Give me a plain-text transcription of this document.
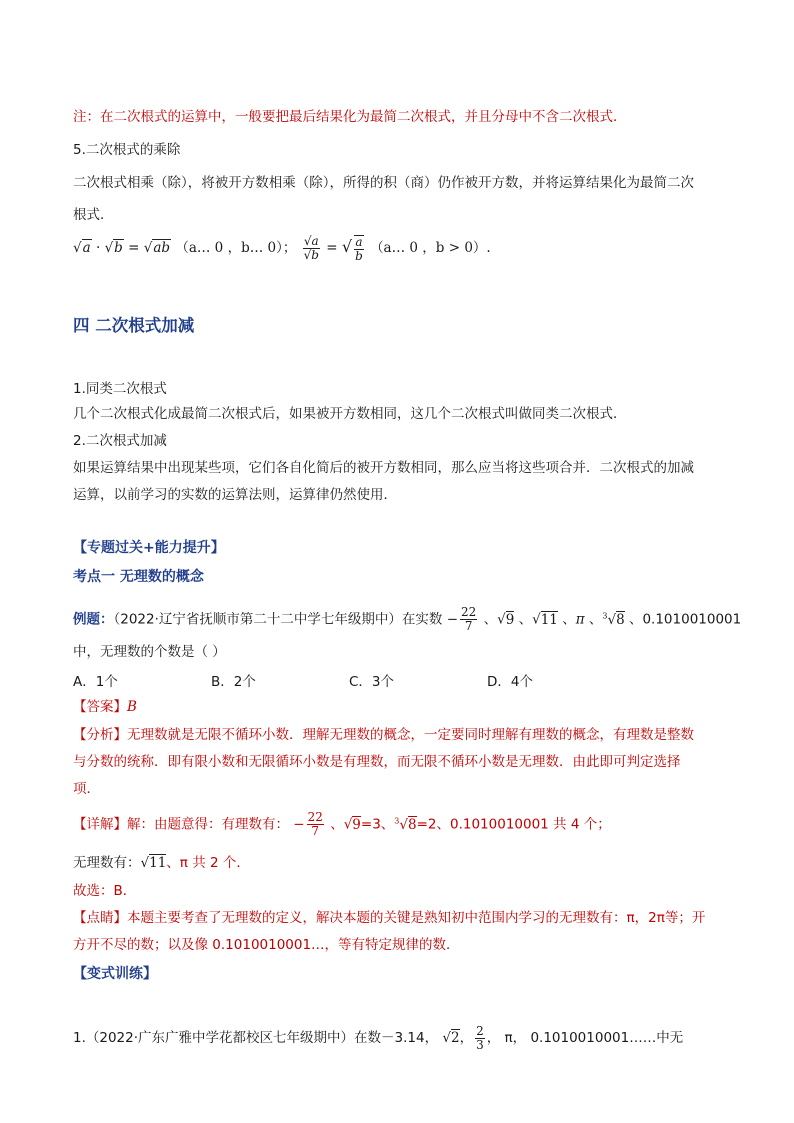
注：在二次根式的运算中，一般要把最后结果化为最简二次根式，并且分母中不含二次根式．
5.二次根式的乘除
二次根式相乘（除），将被开方数相乘（除），所得的积（商）仍作被开方数，并将运算结果化为最简二次
根式．
√a · √b = √ab （a… 0 ，b… 0）； $\frac{√a}{√b}$ = √ $\frac{a}{b}$ （a… 0 ，b > 0）.
四 二次根式加减
1.同类二次根式
几个二次根式化成最简二次根式后，如果被开方数相同，这几个二次根式叫做同类二次根式．
2.二次根式加减
如果运算结果中出现某些项，它们各自化简后的被开方数相同，那么应当将这些项合并．二次根式的加减
运算，以前学习的实数的运算法则，运算律仍然使用．
【专题过关+能力提升】
考点一 无理数的概念
例题：（2022·辽宁省抚顺市第二十二中学七年级期中）在实数 − $\frac{22}{7}$ 、√9 、√11 、π 、$^3$√8 、0.1010010001
中，无理数的个数是（ ）
A．1个	B．2个	C．3个	D．4个
【答案】B
【分析】无理数就是无限不循环小数．理解无理数的概念，一定要同时理解有理数的概念，有理数是整数
与分数的统称．即有限小数和无限循环小数是有理数，而无限不循环小数是无理数．由此即可判定选择
项．
【详解】解：由题意得：有理数有： − $\frac{22}{7}$ 、√9=3、$^3$√8=2、0.1010010001 共 4 个；
无理数有：√11、π 共 2 个．
故选：B．
【点睛】本题主要考查了无理数的定义，解决本题的关键是熟知初中范围内学习的无理数有：π，2π等；开
方开不尽的数；以及像 0.1010010001…，等有特定规律的数．
【变式训练】
1.（2022·广东广雅中学花都校区七年级期中）在数－3.14， √2， $\frac{2}{3}$ ， π， 0.1010010001……中无
